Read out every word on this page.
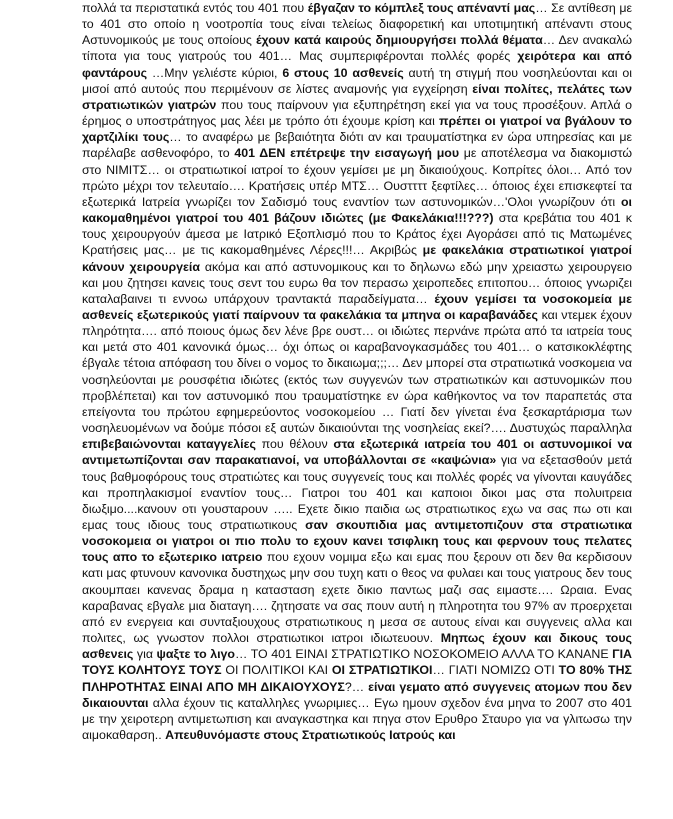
πολλά τα περιστατικά εντός του 401 που έβγαζαν το κόμπλεξ τους απέναντί μας… Σε αντίθεση με το 401 στο οποίο η νοοτροπία τους είναι τελείως διαφορετική και υποτιμητική απέναντι στους Αστυνομικούς με τους οποίους έχουν κατά καιρούς δημιουργήσει πολλά θέματα… Δεν ανακαλώ τίποτα για τους γιατρούς του 401… Μας συμπεριφέρονται πολλές φορές χειρότερα και από φαντάρους …Μην γελιέστε κύριοι, 6 στους 10 ασθενείς αυτή τη στιγμή που νοσηλεύονται και οι μισοί από αυτούς που περιμένουν σε λίστες αναμονής για εγχείρηση είναι πολίτες, πελάτες των στρατιωτικών γιατρών που τους παίρνουν για εξυπηρέτηση εκεί για να τους προσέξουν. Απλά ο έρημος ο υποστράτηγος μας λέει με τρόπο ότι έχουμε κρίση και πρέπει οι γιατροί να βγάλουν το χαρτζιλίκι τους… το αναφέρω με βεβαιότητα διότι αν και τραυματίστηκα εν ώρα υπηρεσίας και με παρέλαβε ασθενοφόρο, το 401 ΔΕΝ επέτρεψε την εισαγωγή μου με αποτέλεσμα να διακομιστώ στο ΝΙΜΙΤΣ… οι στρατιωτικοί ιατροί το έχουν γεμίσει με μη δικαιούχους. Κοπρίτες όλοι… Από τον πρώτο μέχρι τον τελευταίο…. Κρατήσεις υπέρ ΜΤΣ… Ουσττττ ξεφτίλες… όποιος έχει επισκεφτεί τα εξωτερικά Ιατρεία γνωρίζει τον Σαδισμό τους εναντίον των αστυνομικών…'Ολοι γνωρίζουν ότι οι κακομαθημένοι γιατροί του 401 βάζουν ιδιώτες (με Φακελάκια!!!???) στα κρεβάτια του 401 κ τους χειρουργούν άμεσα με Ιατρικό Εξοπλισμό που το Κράτος έχει Αγοράσει από τις Ματωμένες Κρατήσεις μας… με τις κακομαθημένες Λέρες!!!… Ακριβώς με φακελάκια στρατιωτικοί γιατροί κάνουν χειρουργεία ακόμα και από αστυνομικους και το δηλωνω εδώ μην χρειαστω χειρουργειο και μου ζητησει κανεις τους σεντ του ευρω θα τον περασω χειροπεδες επιτοπου… όποιος γνωριζει καταλαβαινει τι εννοω υπάρχουν τραντακτά παραδείγματα… έχουν γεμίσει τα νοσοκομεία με ασθενείς εξωτερικούς γιατί παίρνουν τα φακελάκια τα μπηνα οι καραβανάδες και ντεμεκ έχουν πληρότητα…. από ποιους όμως δεν λένε βρε ουστ… οι ιδιώτες περνάνε πρώτα από τα ιατρεία τους και μετά στο 401 κανονικά όμως… όχι όπως οι καραβανογκασμάδες του 401… ο κατσικοκλέφτης έβγαλε τέτοια απόφαση του δίνει ο νομος το δικαιωμα;;;… Δεν μπορεί στα στρατιωτικά νοσκομεια να νοσηλεύονται με ρουσφέτια ιδιώτες (εκτός των συγγενών των στρατιωτικών και αστυνομικών που προβλέπεται) και τον αστυνομικό που τραυματίστηκε εν ώρα καθήκοντος να τον παραπετάς στα επείγοντα του πρώτου εφημερεύοντος νοσοκομείου … Γιατί δεν γίνεται ένα ξεσκαρτάρισμα των νοσηλευομένων να δούμε πόσοι εξ αυτών δικαιούνται της νοσηλείας εκεί?…. Δυστυχώς παραλληλα επιβεβαιώνονται καταγγελίες που θέλουν στα εξωτερικά ιατρεία του 401 οι αστυνομικοί να αντιμετωπίζονται σαν παρακατιανοί, να υποβάλλονται σε «καψώνια» για να εξετασθούν μετά τους βαθμοφόρους τους στρατιώτες και τους συγγενείς τους και πολλές φορές να γίνονται καυγάδες και προπηλακισμοί εναντίον τους… Γιατροι του 401 και καποιοι δικοι μας στα πολυιτρεια διωξιμο....κανουν οτι γουσταρουν ….. Εχετε δικιο παιδια ως στρατιωτικος εχω να σας πω οτι και εμας τους ιδιους τους στρατιωτικους σαν σκουπιδια μας αντιμετοπιζουν στα στρατιωτικα νοσοκομεια οι γιατροι οι πιο πολυ το εχουν κανει τσιφλικη τους και φερνουν τους πελατες τους απο το εξωτερικο ιατρειο που εχουν νομιμα εξω και εμας που ξερουν οτι δεν θα κερδισουν κατι μας φτυνουν κανονικα δυστηχως μην σου τυχη κατι ο θεος να φυλαει και τους γιατρους δεν τους ακουμπαει κανενας δραμα η κατασταση εχετε δικιο παντως μαζι σας ειμαστε…. Ωραια. Ενας καραβανας εβγαλε μια διαταγη…. ζητησατε να σας πουν αυτή η πληροτητα του 97% αν προερχεται από εν ενεργεια και συνταξιουχους στρατιωτικους η μεσα σε αυτους είναι και συγγενεις αλλα και πολιτες, ως γνωστον πολλοι στρατιωτικοι ιατροι ιδιωτευουν. Μηπως έχουν και δικους τους ασθενεις για ψαξτε το λιγο… ΤΟ 401 ΕΙΝΑΙ ΣΤΡΑΤΙΩΤΙΚΟ ΝΟΣΟΚΟΜΕΙΟ ΑΛΛΑ ΤΟ ΚΑΝΑΝΕ ΓΙΑ ΤΟΥΣ ΚΟΛΗΤΟΥΣ ΤΟΥΣ ΟΙ ΠΟΛΙΤΙΚΟΙ ΚΑΙ ΟΙ ΣΤΡΑΤΙΩΤΙΚΟΙ… ΓΙΑΤΙ ΝΟΜΙΖΩ ΟΤΙ ΤΟ 80% ΤΗΣ ΠΛΗΡΟΤΗΤΑΣ ΕΙΝΑΙ ΑΠΟ ΜΗ ΔΙΚΑΙΟΥΧΟΥΣ?… είναι γεματο από συγγενεις ατομων που δεν δικαιουνται αλλα έχουν τις καταλληλες γνωριμιες… Εγω ημουν σχεδον ένα μηνα το 2007 στο 401 με την χειροτερη αντιμετωπιση και αναγκαστηκα και πηγα στον Ερυθρο Σταυρο για να γλιτωσω την αιμοκαθαρση.. Απευθυνόμαστε στους Στρατιωτικούς Ιατρούς και
